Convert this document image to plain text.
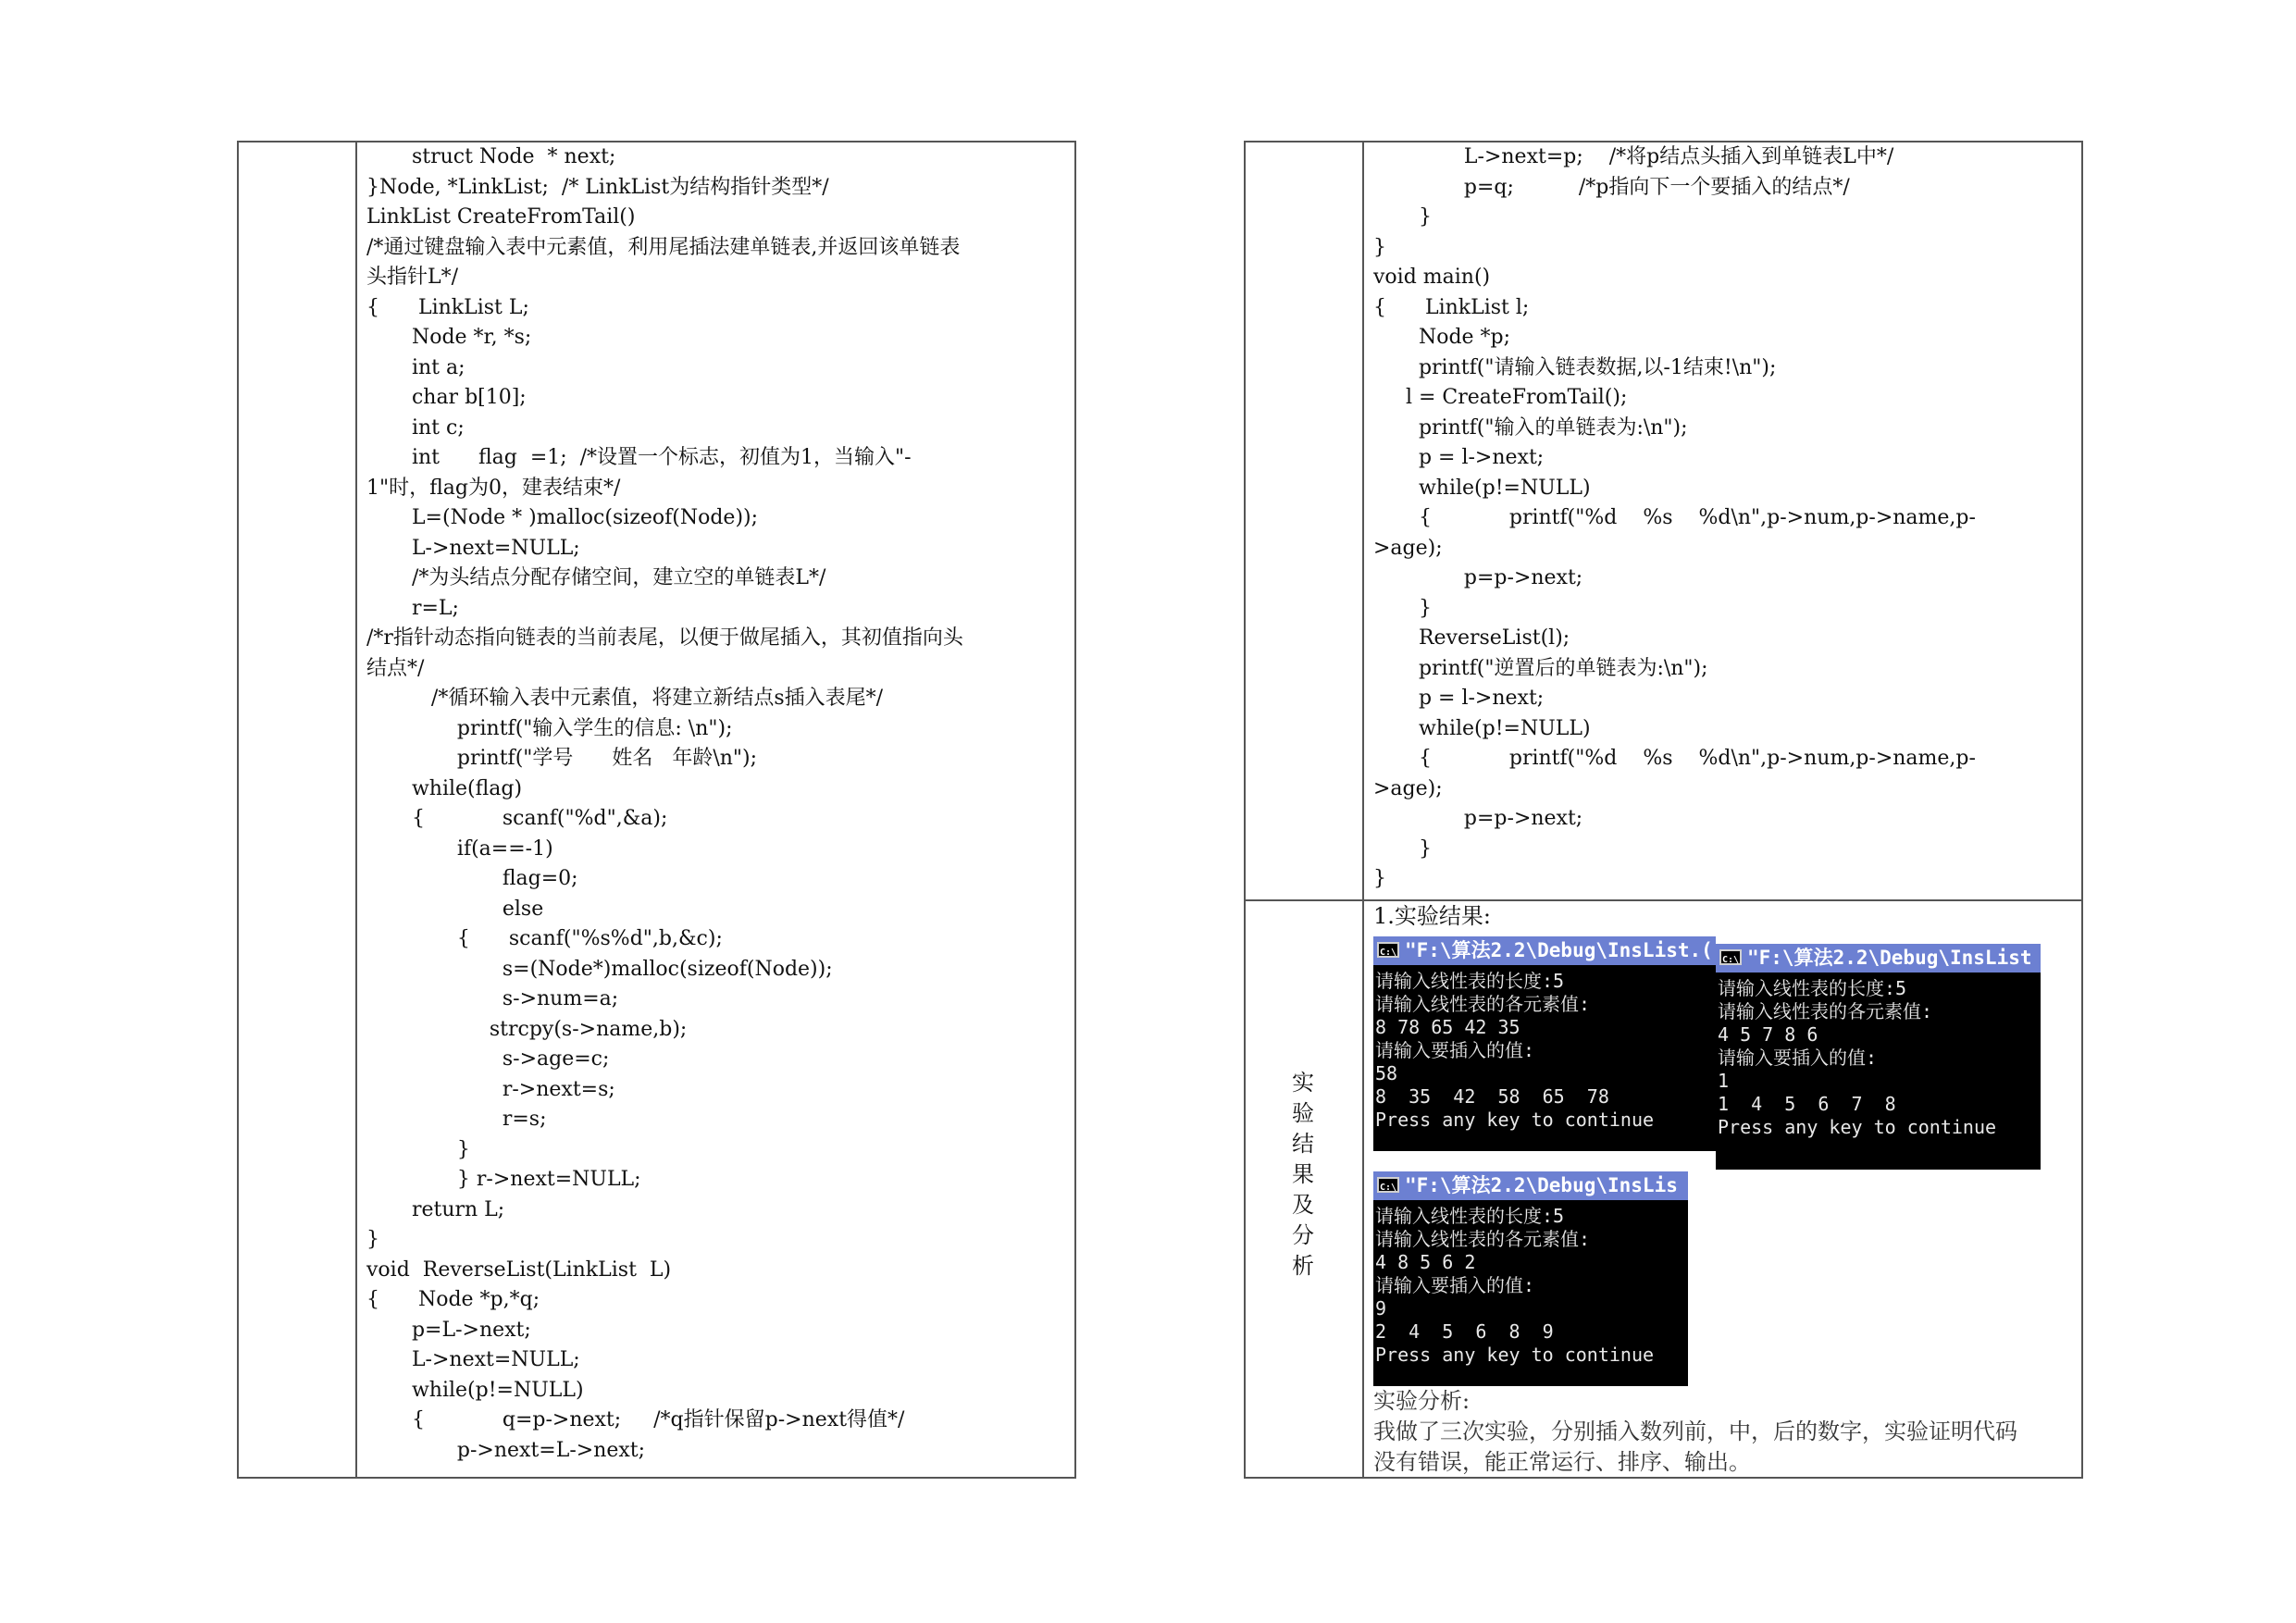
struct Node  * next;
}Node, *LinkList;  /* LinkList为结构指针类型*/
LinkList CreateFromTail()
/*通过键盘输入表中元素值，利用尾插法建单链表,并返回该单链表
头指针L*/
{      LinkList L;
Node *r, *s;
int a;
char b[10];
int c;
int      flag  =1;  /*设置一个标志，初值为1，当输入"-
1"时，flag为0，建表结束*/
L=(Node * )malloc(sizeof(Node));
L->next=NULL;
/*为头结点分配存储空间，建立空的单链表L*/
r=L;
/*r指针动态指向链表的当前表尾，以便于做尾插入，其初值指向头
结点*/
/*循环输入表中元素值，将建立新结点s插入表尾*/
printf("输入学生的信息: \n");
printf("学号      姓名   年龄\n");
while(flag)
{            scanf("%d",&a);
if(a==-1)
flag=0;
else
{      scanf("%s%d",b,&c);
s=(Node*)malloc(sizeof(Node));
s->num=a;
strcpy(s->name,b);
s->age=c;
r->next=s;
r=s;
}
} r->next=NULL;
return L;
}
void  ReverseList(LinkList  L)
{      Node *p,*q;
p=L->next;
L->next=NULL;
while(p!=NULL)
{            q=p->next;     /*q指针保留p->next得值*/
p->next=L->next;
L->next=p;    /*将p结点头插入到单链表L中*/
p=q;          /*p指向下一个要插入的结点*/
}
}
void main()
{      LinkList l;
Node *p;
printf("请输入链表数据,以-1结束!\n");
l = CreateFromTail();
printf("输入的单链表为:\n");
p = l->next;
while(p!=NULL)
{            printf("%d    %s    %d\n",p->num,p->name,p-
>age);
p=p->next;
}
ReverseList(l);
printf("逆置后的单链表为:\n");
p = l->next;
while(p!=NULL)
{            printf("%d    %s    %d\n",p->num,p->name,p-
>age);
p=p->next;
}
}
实
验
结
果
及
分
析
1.实验结果:
C:\"F:\算法2.2\Debug\InsList.(
请输入线性表的长度:5
请输入线性表的各元素值:
8 78 65 42 35
请输入要插入的值:
58
8  35  42  58  65  78
Press any key to continue
C:\"F:\算法2.2\Debug\InsList
请输入线性表的长度:5
请输入线性表的各元素值:
4 5 7 8 6
请输入要插入的值:
1
1  4  5  6  7  8
Press any key to continue
C:\"F:\算法2.2\Debug\InsLis
请输入线性表的长度:5
请输入线性表的各元素值:
4 8 5 6 2
请输入要插入的值:
9
2  4  5  6  8  9
Press any key to continue
实验分析:
我做了三次实验，分别插入数列前，中，后的数字，实验证明代码
没有错误，能正常运行、排序、输出。
